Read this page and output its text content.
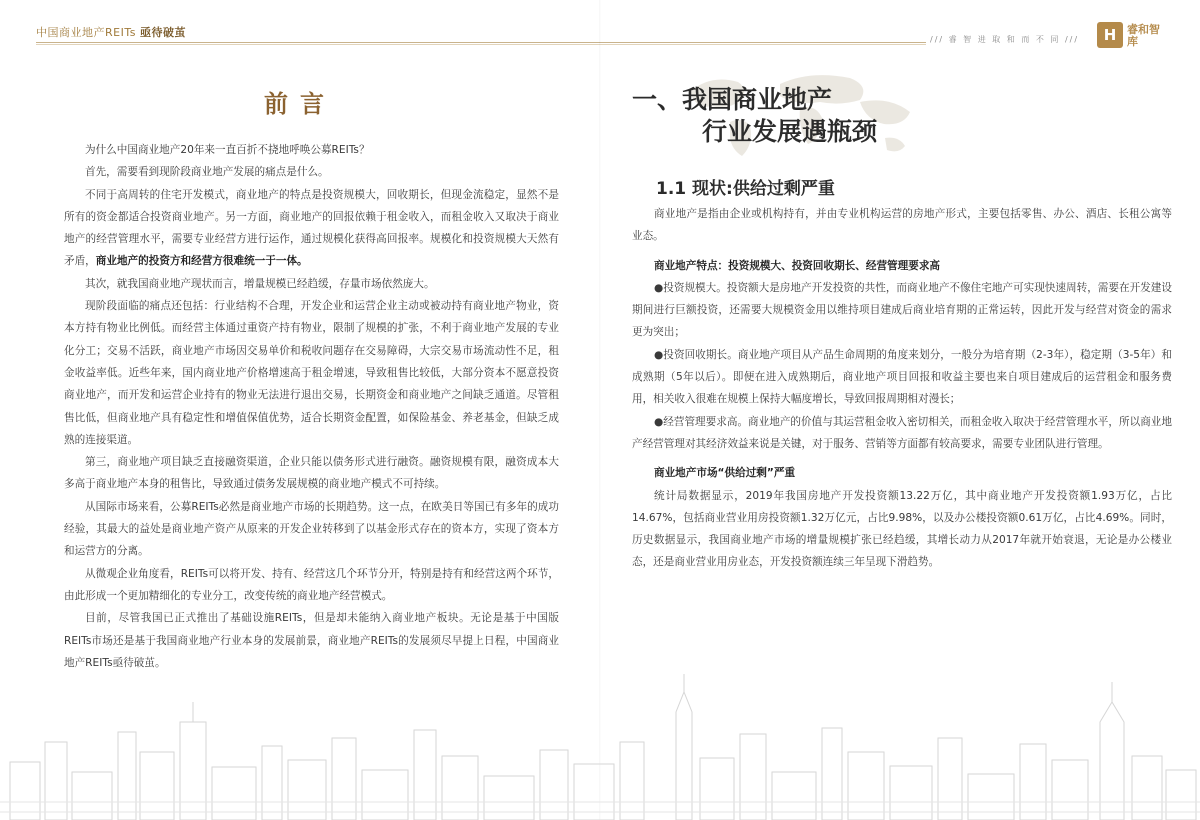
中国商业地产REITs 亟待破茧
/// 睿 智 进 取 和 而 不 同 ///	H 睿和智库
前言

为什么中国商业地产20年来一直百折不挠地呼唤公募REITs？

首先，需要看到现阶段商业地产发展的痛点是什么。

不同于高周转的住宅开发模式，商业地产的特点是投资规模大，回收期长，但现金流稳定，显然不是所有的资金都适合投资商业地产。另一方面，商业地产的回报依赖于租金收入，而租金收入又取决于商业地产的经营管理水平，需要专业经营方进行运作，通过规模化获得高回报率。规模化和投资规模大天然有矛盾，商业地产的投资方和经营方很难统一于一体。

其次，就我国商业地产现状而言，增量规模已经趋缓，存量市场依然庞大。

现阶段面临的痛点还包括：行业结构不合理，开发企业和运营企业主动或被动持有商业地产物业，资本方持有物业比例低。而经营主体通过重资产持有物业，限制了规模的扩张，不利于商业地产发展的专业化分工；交易不活跃，商业地产市场因交易单价和税收问题存在交易障碍，大宗交易市场流动性不足，租金收益率低。近些年来，国内商业地产价格增速高于租金增速，导致租售比较低，大部分资本不愿意投资商业地产，而开发和运营企业持有的物业无法进行退出交易，长期资金和商业地产之间缺乏通道。尽管租售比低，但商业地产具有稳定性和增值保值优势，适合长期资金配置，如保险基金、养老基金，但缺乏成熟的连接渠道。

第三，商业地产项目缺乏直接融资渠道，企业只能以债务形式进行融资。融资规模有限，融资成本大多高于商业地产本身的租售比，导致通过债务发展规模的商业地产模式不可持续。

从国际市场来看，公募REITs必然是商业地产市场的长期趋势。这一点，在欧美日等国已有多年的成功经验，其最大的益处是商业地产资产从原来的开发企业转移到了以基金形式存在的资本方，实现了资本方和运营方的分离。

从微观企业角度看，REITs可以将开发、持有、经营这几个环节分开，特别是持有和经营这两个环节，由此形成一个更加精细化的专业分工，改变传统的商业地产经营模式。

目前，尽管我国已正式推出了基础设施REITs，但是却未能纳入商业地产板块。无论是基于中国版REITs市场还是基于我国商业地产行业本身的发展前景，商业地产REITs的发展须尽早提上日程，中国商业地产REITs亟待破茧。

一、我国商业地产
行业发展遇瓶颈
1.1 现状:供给过剩严重

商业地产是指由企业或机构持有，并由专业机构运营的房地产形式，主要包括零售、办公、酒店、长租公寓等业态。

商业地产特点：投资规模大、投资回收期长、经营管理要求高

●投资规模大。投资额大是房地产开发投资的共性，而商业地产不像住宅地产可实现快速周转，需要在开发建设期间进行巨额投资，还需要大规模资金用以维持项目建成后商业培育期的正常运转，因此开发与经营对资金的需求更为突出；

●投资回收期长。商业地产项目从产品生命周期的角度来划分，一般分为培育期（2-3年），稳定期（3-5年）和成熟期（5年以后）。即便在进入成熟期后，商业地产项目回报和收益主要也来自项目建成后的运营租金和服务费用，相关收入很难在规模上保持大幅度增长，导致回报周期相对漫长；

●经营管理要求高。商业地产的价值与其运营租金收入密切相关，而租金收入取决于经营管理水平，所以商业地产经营管理对其经济效益来说是关键，对于服务、营销等方面都有较高要求，需要专业团队进行管理。

商业地产市场“供给过剩”严重

统计局数据显示，2019年我国房地产开发投资额13.22万亿，其中商业地产开发投资额1.93万亿，占比14.67%，包括商业营业用房投资额1.32万亿元，占比9.98%，以及办公楼投资额0.61万亿，占比4.69%。同时，历史数据显示，我国商业地产市场的增量规模扩张已经趋缓，其增长动力从2017年就开始衰退，无论是办公楼业态，还是商业营业用房业态，开发投资额连续三年呈现下滑趋势。
